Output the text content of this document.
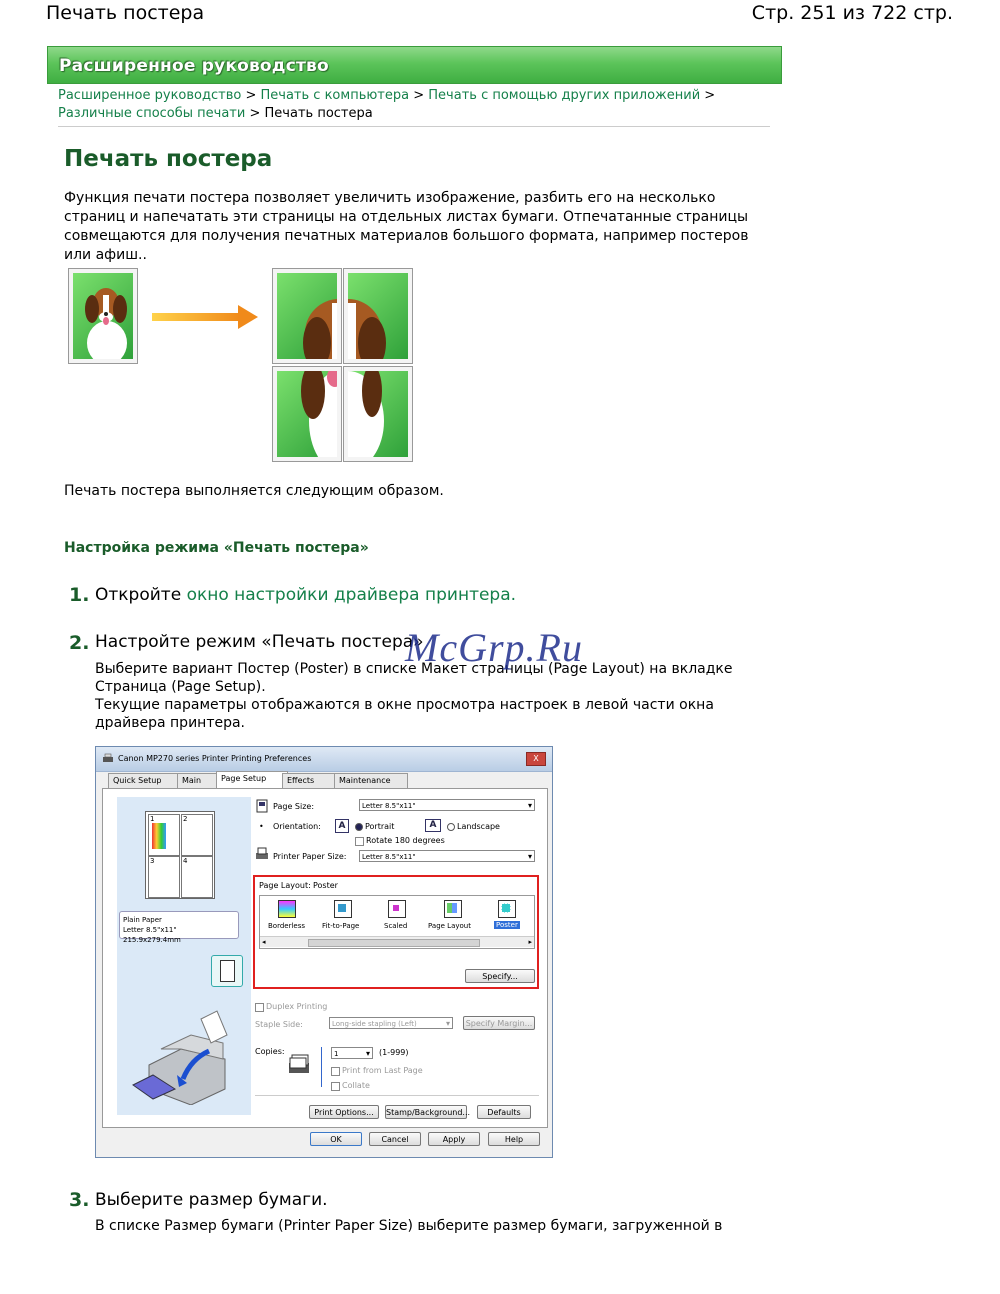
Печать постера	Стр. 251 из 722 стр.
Расширенное руководство
Расширенное руководство > Печать с компьютера > Печать с помощью других приложений > Различные способы печати > Печать постера
Печать постера
Функция печати постера позволяет увеличить изображение, разбить его на несколько страниц и напечатать эти страницы на отдельных листах бумаги. Отпечатанные страницы совмещаются для получения печатных материалов большого формата, например постеров или афиш..
Печать постера выполняется следующим образом.
Настройка режима «Печать постера»
1. Откройте окно настройки драйвера принтера.
2. Настройте режим «Печать постера»
Выберите вариант Постер (Poster) в списке Макет страницы (Page Layout) на вкладке Страница (Page Setup).
Текущие параметры отображаются в окне просмотра настроек в левой части окна драйвера принтера.
McGrp.Ru
Canon MP270 series Printer Printing Preferences	X
Quick Setup	Main	Page Setup	Effects	Maintenance
1	2
3	4
Plain Paper
Letter 8.5"x11" 215.9x279.4mm
Page Size:	Letter 8.5"x11" ▾
• Orientation:	A	Portrait	A	Landscape
Rotate 180 degrees
Printer Paper Size:	Letter 8.5"x11" ▾
Page Layout: Poster
Borderless Fit-to-Page	Scaled	Page Layout	Poster
◂	▸
Specify...
Duplex Printing
Staple Side:	Long-side stapling (Left) ▾	Specify Margin...
Copies:	1 ▾	(1-999)
Print from Last Page
Collate
Print Options...	Stamp/Background...	Defaults
OK	Cancel	Apply	Help
3. Выберите размер бумаги.
В списке Размер бумаги (Printer Paper Size) выберите размер бумаги, загруженной в
